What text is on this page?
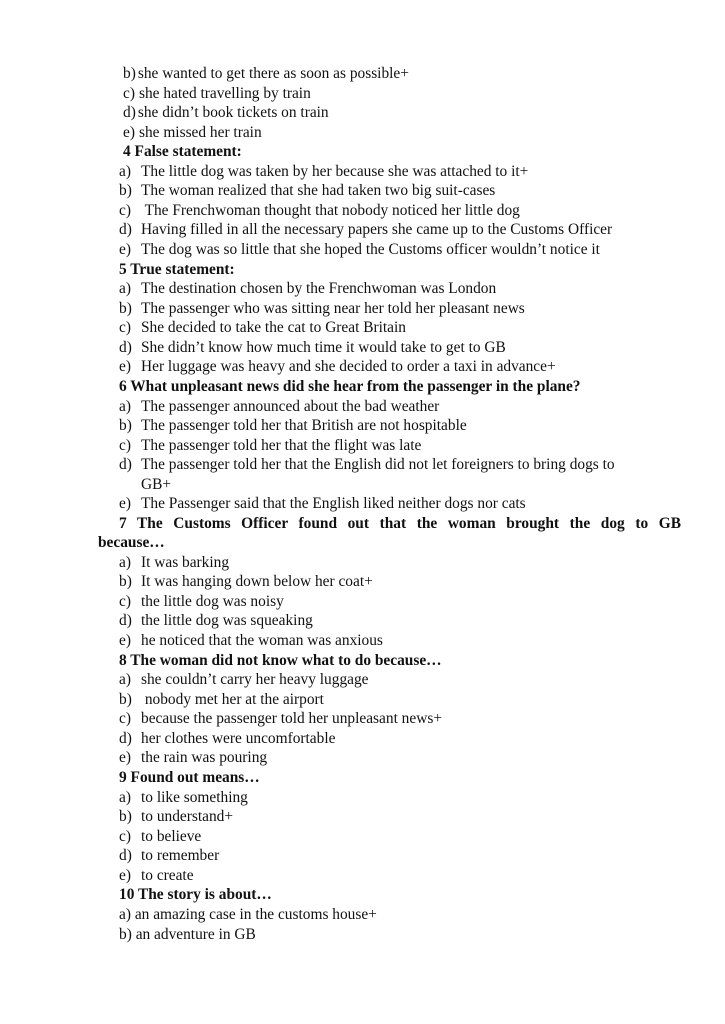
b) she wanted to get there as soon as possible+
c) she hated travelling by train
d) she didn’t book tickets on train
e) she missed her train
4 False statement:
a) The little dog was taken by her because she was attached to it+
b) The woman realized that she had taken two big suit-cases
c) The Frenchwoman thought that nobody noticed her little dog
d) Having filled in all the necessary papers she came up to the Customs Officer
e) The dog was so little that she hoped the Customs officer wouldn’t notice it
5 True statement:
a) The destination chosen by the Frenchwoman was London
b) The passenger who was sitting near her told her pleasant news
c) She decided to take the cat to Great Britain
d) She didn’t know how much time it would take to get to GB
e) Her luggage was heavy and she decided to order a taxi in advance+
6 What unpleasant news did she hear from the passenger in the plane?
a) The passenger announced about the bad weather
b) The passenger told her that British are not hospitable
c) The passenger told her that the flight was late
d) The passenger told her that the English did not let foreigners to bring dogs to
GB+
e) The Passenger said that the English liked neither dogs nor cats
7 The Customs Officer found out that the woman brought the dog to GB
because…
a) It was barking
b) It was hanging down below her coat+
c) the little dog was noisy
d) the little dog was squeaking
e) he noticed that the woman was anxious
8 The woman did not know what to do because…
a) she couldn’t carry her heavy luggage
b) nobody met her at the airport
c) because the passenger told her unpleasant news+
d) her clothes were uncomfortable
e) the rain was pouring
9 Found out means…
a) to like something
b) to understand+
c) to believe
d) to remember
e) to create
10 The story is about…
a) an amazing case in the customs house+
b) an adventure in GB
